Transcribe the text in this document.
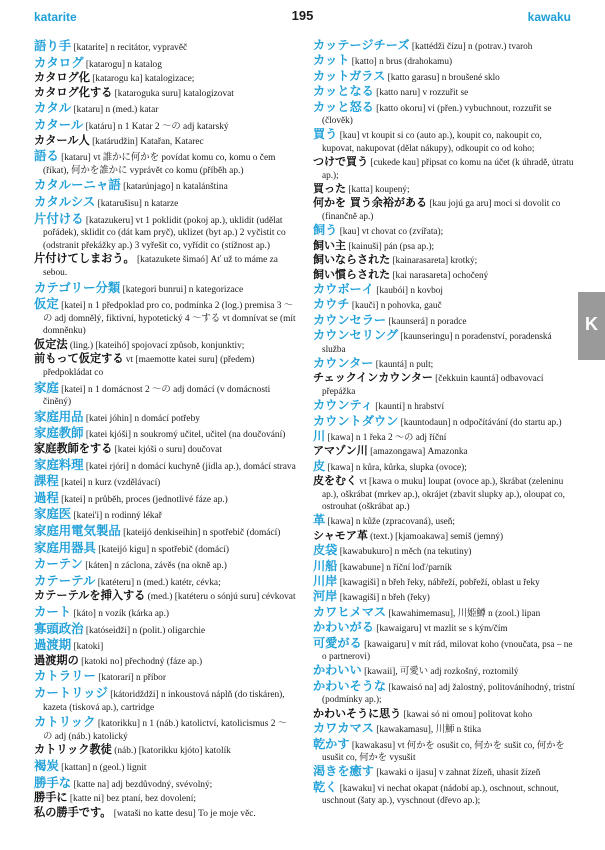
katarite	195	kawaku

語り手 [katarite] n recitátor, vypravěč

カタログ [katarogu] n katalog

カタログ化 [katarogu ka] katalogizace;

カタログ化する [kataroguka suru] katalogizovat

カタル [kataru] n (med.) katar

カタール [katáru] n 1 Katar 2 〜の adj katarský

カタール人 [katárudžin] Katařan, Katarec

語る [kataru] vt 誰かに何かを povídat komu co, komu o čem (říkat), 何かを誰かに vyprávět co komu (příběh ap.)

カタルーニャ語 [katarúnjago] n katalánština

カタルシス [katarušisu] n katarze

片付ける [katazukeru] vt 1 poklidit (pokoj ap.), uklidit (udělat pořádek), sklidit co (dát kam pryč), uklizet (byt ap.) 2 vyčistit co (odstranit překážky ap.) 3 vyřešit co, vyřídit co (stížnost ap.)

片付けてしまおう。 [katazukete šimaó] Ať už to máme za sebou.

カテゴリー分類 [kategori bunrui] n kategorizace

仮定 [katei] n 1 předpoklad pro co, podmínka 2 (log.) premisa 3 〜の adj domnělý, fiktivní, hypotetický 4 〜する vt domnívat se (mít domněnku)

仮定法 (ling.) [kateihó] spojovací způsob, konjunktiv;

前もって仮定する vt [maemotte katei suru] (předem) předpokládat co

家庭 [katei] n 1 domácnost 2 〜の adj domácí (v domácnosti činěný)

家庭用品 [katei jóhin] n domácí potřeby

家庭教師 [katei kjóši] n soukromý učitel, učitel (na doučování)

家庭教師をする [katei kjóši o suru] doučovat

家庭料理 [katei rjóri] n domácí kuchyně (jídla ap.), domácí strava

課程 [katei] n kurz (vzdělávací)

過程 [katei] n průběh, proces (jednotlivé fáze ap.)

家庭医 [katei'i] n rodinný lékař

家庭用電気製品 [kateijó denkiseihin] n spotřebič (domácí)

家庭用器具 [kateijó kigu] n spotřebič (domácí)

カーテン [káten] n záclona, závěs (na okně ap.)

カテーテル [katéteru] n (med.) katétr, cévka;

カテーテルを挿入する (med.) [katéteru o sónjú suru] cévkovat

カート [káto] n vozík (kárka ap.)

寡頭政治 [katóseidži] n (polit.) oligarchie

過渡期 [katoki]

過渡期の [katoki no] přechodný (fáze ap.)

カトラリー [katorarí] n příbor

カートリッジ [kátoridždži] n inkoustová náplň (do tiskáren), kazeta (tisková ap.), cartridge

カトリック [katorikku] n 1 (náb.) katolictví, katolicismus 2 〜の adj (náb.) katolický

カトリック教徒 (náb.) [katorikku kjóto] katolík

褐炭 [kattan] n (geol.) lignit

勝手な [katte na] adj bezdůvodný, svévolný;

勝手に [katte ni] bez ptaní, bez dovolení;

私の勝手です。 [wataši no katte desu] To je moje věc.

カッテージチーズ [kattédži čízu] n (potrav.) tvaroh

カット [katto] n brus (drahokamu)

カットガラス [katto garasu] n broušené sklo

カッとなる [katto naru] v rozzuřit se

カッと怒る [katto okoru] vi (přen.) vybuchnout, rozzuřit se (člověk)

買う [kau] vt koupit si co (auto ap.), koupit co, nakoupit co, kupovat, nakupovat (dělat nákupy), odkoupit co od koho;

つけで買う [cukede kau] připsat co komu na účet (k úhradě, útratu ap.);

買った [katta] koupený;

何かを 買う余裕がある [kau jojú ga aru] moci si dovolit co (finančně ap.)

飼う [kau] vt chovat co (zvířata);

飼い主 [kainuši] pán (psa ap.);

飼いならされた [kainarasareta] krotký;

飼い慣らされた [kai narasareta] ochočený

カウボーイ [kaubói] n kovboj

カウチ [kauči] n pohovka, gauč

カウンセラー [kaunserá] n poradce

カウンセリング [kaunseringu] n poradenství, poradenská služba

カウンター [kauntá] n pult;

チェックインカウンター [čekkuin kauntá] odbavovací přepážka

カウンティ [kaunti] n hrabství

カウントダウン [kauntodaun] n odpočítávání (do startu ap.)

川 [kawa] n 1 řeka 2 〜の adj říční

アマゾン川 [amazongawa] Amazonka

皮 [kawa] n kůra, kůrka, slupka (ovoce);

皮をむく vt [kawa o muku] loupat (ovoce ap.), škrábat (zeleninu ap.), oškrábat (mrkev ap.), okrájet (zbavit slupky ap.), oloupat co, ostrouhat (oškrábat ap.)

革 [kawa] n kůže (zpracovaná), useň;

シャモア革 (text.) [kjamoakawa] semiš (jemný)

皮袋 [kawabukuro] n měch (na tekutiny)

川船 [kawabune] n říční loď/parník

川岸 [kawagiši] n břeh řeky, nábřeží, pobřeží, oblast u řeky

河岸 [kawagiši] n břeh (řeky)

カワヒメマス [kawahimemasu], 川姫鱒 n (zool.) lipan

かわいがる [kawaigaru] vt mazlit se s kým/čím

可愛がる [kawaigaru] v mít rád, milovat koho (vnoučata, psa – ne o partnerovi)

かわいい [kawaii], 可愛い adj rozkošný, roztomilý

かわいそうな [kawaisó na] adj žalostný, politováníhodný, tristní (podmínky ap.);

かわいそうに思う [kawai só ni omou] politovat koho

カワカマス [kawakamasu], 川魳 n štika

乾かす [kawakasu] vt 何かを osušit co, 何かを sušit co, 何かを usušit co, 何かを vysušit

渇きを癒す [kawaki o ijasu] v zahnat žízeň, uhasit žízeň

乾く [kawaku] vi nechat okapat (nádobí ap.), oschnout, schnout, uschnout (šaty ap.), vyschnout (dřevo ap.);

K
